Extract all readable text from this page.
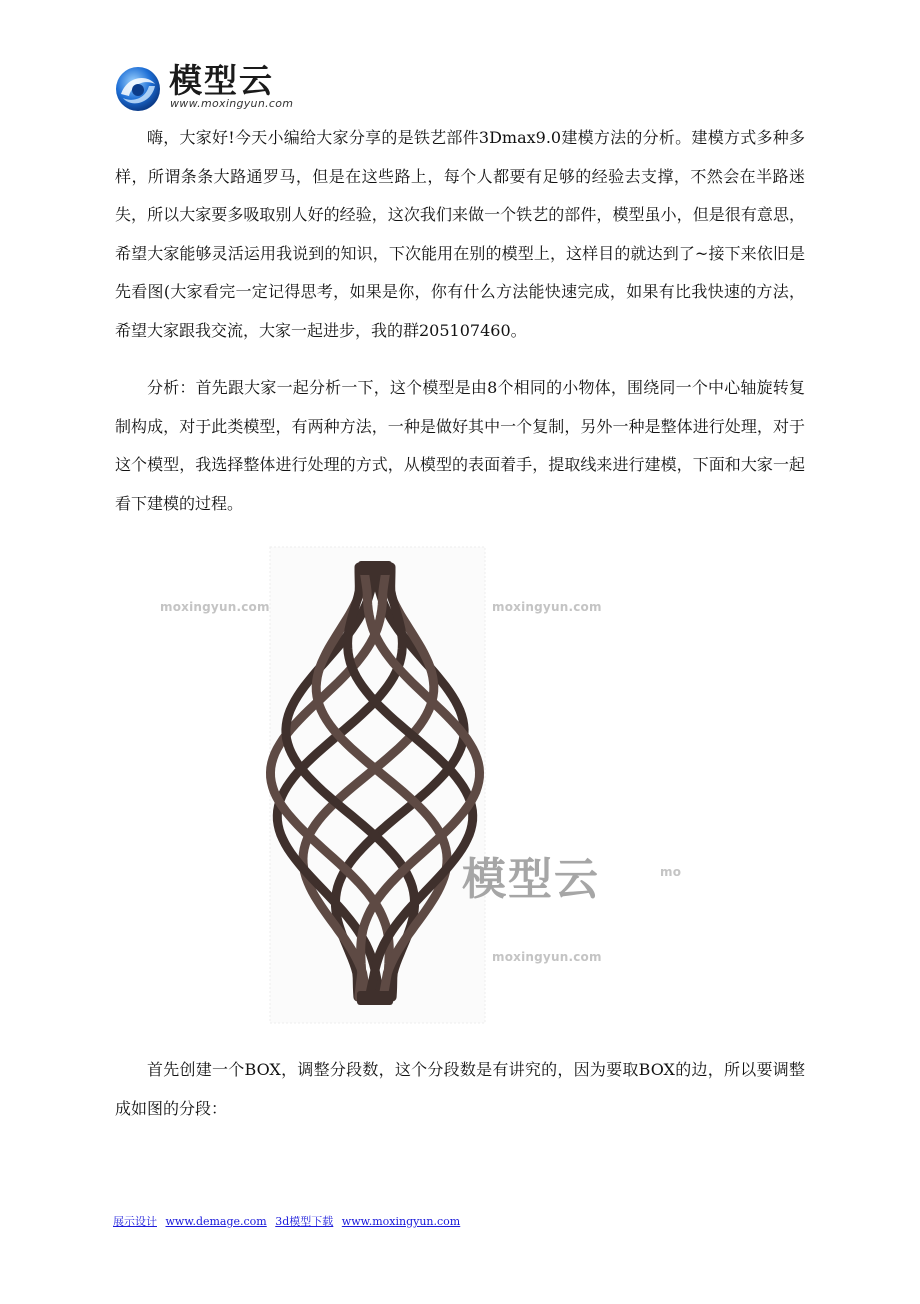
模型云
www.moxingyun.com

嗨，大家好!今天小编给大家分享的是铁艺部件3Dmax9.0建模方法的分析。建模方式多种多样，所谓条条大路通罗马，但是在这些路上，每个人都要有足够的经验去支撑，不然会在半路迷失，所以大家要多吸取别人好的经验，这次我们来做一个铁艺的部件，模型虽小，但是很有意思，希望大家能够灵活运用我说到的知识，下次能用在别的模型上，这样目的就达到了~接下来依旧是先看图(大家看完一定记得思考，如果是你，你有什么方法能快速完成，如果有比我快速的方法，希望大家跟我交流，大家一起进步，我的群205107460。

分析：首先跟大家一起分析一下，这个模型是由8个相同的小物体，围绕同一个中心轴旋转复制构成，对于此类模型，有两种方法，一种是做好其中一个复制，另外一种是整体进行处理，对于这个模型，我选择整体进行处理的方式，从模型的表面着手，提取线来进行建模，下面和大家一起看下建模的过程。

moxingyun.com	moxingyun.com
模型云	mo
moxingyun.com

首先创建一个BOX，调整分段数，这个分段数是有讲究的，因为要取BOX的边，所以要调整成如图的分段：

展示设计 www.demage.com 3d模型下载 www.moxingyun.com
